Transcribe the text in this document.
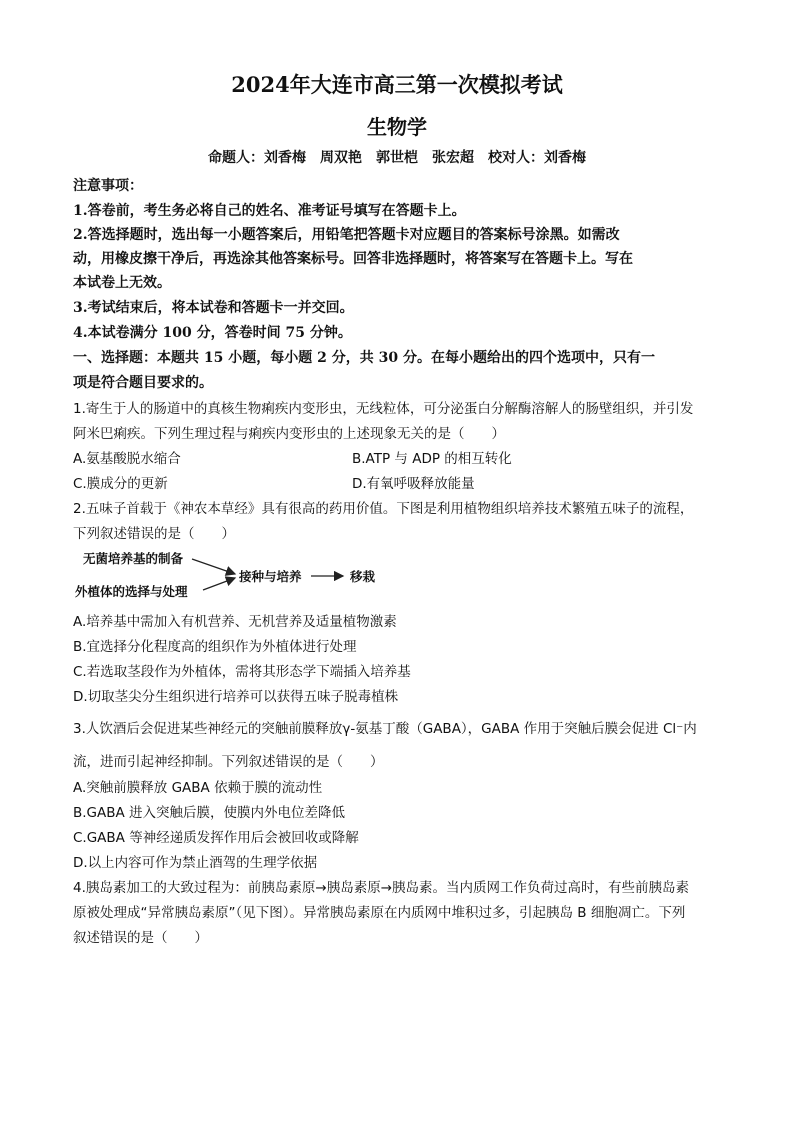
2024年大连市高三第一次模拟考试
生物学
命题人：刘香梅　周双艳　郭世桤　张宏超　校对人：刘香梅
注意事项：
1.答卷前，考生务必将自己的姓名、准考证号填写在答题卡上。
2.答选择题时，选出每一小题答案后，用铅笔把答题卡对应题目的答案标号涂黑。如需改
动，用橡皮擦干净后，再选涂其他答案标号。回答非选择题时，将答案写在答题卡上。写在
本试卷上无效。
3.考试结束后，将本试卷和答题卡一并交回。
4.本试卷满分 100 分，答卷时间 75 分钟。
一、选择题：本题共 15 小题，每小题 2 分，共 30 分。在每小题给出的四个选项中，只有一
项是符合题目要求的。
1.寄生于人的肠道中的真核生物痢疾内变形虫，无线粒体，可分泌蛋白分解酶溶解人的肠壁组织，并引发
阿米巴痢疾。下列生理过程与痢疾内变形虫的上述现象无关的是（　　）
A.氨基酸脱水缩合	B.ATP 与 ADP 的相互转化
C.膜成分的更新	D.有氧呼吸释放能量
2.五味子首载于《神农本草经》具有很高的药用价值。下图是利用植物组织培养技术繁殖五味子的流程，
下列叙述错误的是（　　）
无菌培养基的制备
外植体的选择与处理
接种与培养	移栽
A.培养基中需加入有机营养、无机营养及适量植物激素
B.宜选择分化程度高的组织作为外植体进行处理
C.若选取茎段作为外植体，需将其形态学下端插入培养基
D.切取茎尖分生组织进行培养可以获得五味子脱毒植株
3.人饮酒后会促进某些神经元的突触前膜释放γ-氨基丁酸（GABA），GABA 作用于突触后膜会促进 Cl⁻内
流，进而引起神经抑制。下列叙述错误的是（　　）
A.突触前膜释放 GABA 依赖于膜的流动性
B.GABA 进入突触后膜，使膜内外电位差降低
C.GABA 等神经递质发挥作用后会被回收或降解
D.以上内容可作为禁止酒驾的生理学依据
4.胰岛素加工的大致过程为：前胰岛素原→胰岛素原→胰岛素。当内质网工作负荷过高时，有些前胰岛素
原被处理成“异常胰岛素原”（见下图）。异常胰岛素原在内质网中堆积过多，引起胰岛 B 细胞凋亡。下列
叙述错误的是（　　）
